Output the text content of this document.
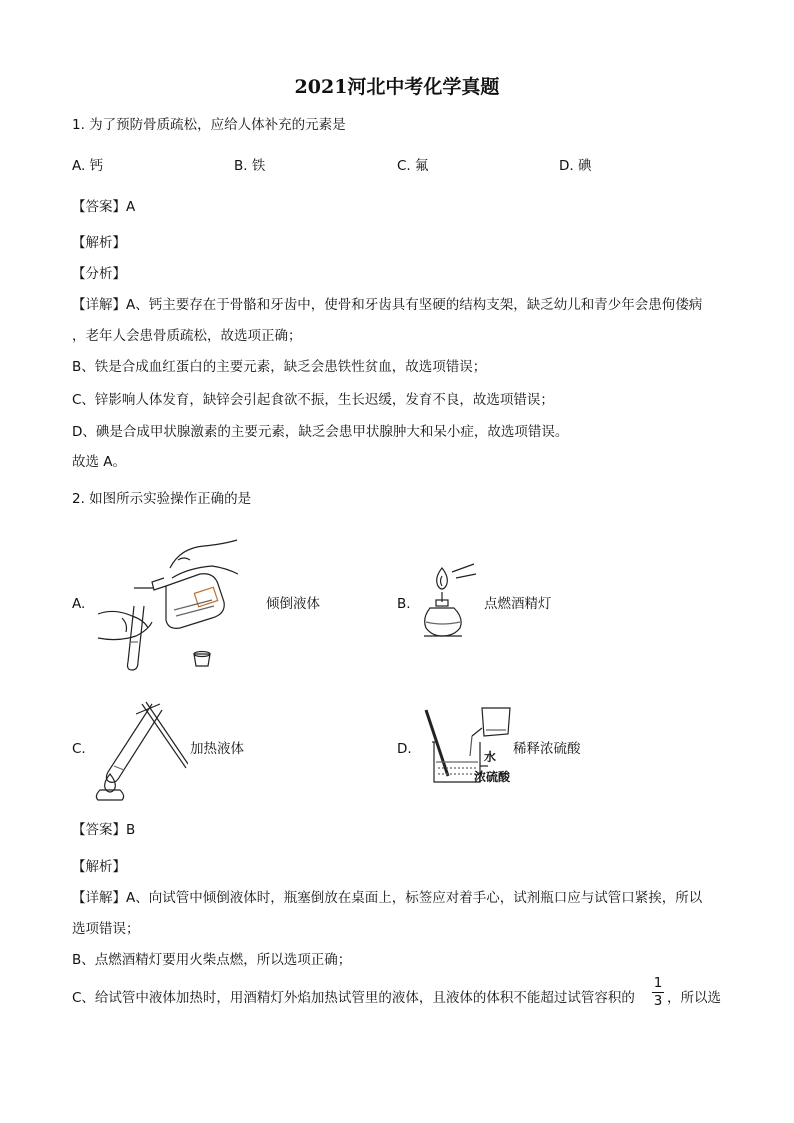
2021河北中考化学真题
1. 为了预防骨质疏松，应给人体补充的元素是
A. 钙	B. 铁	C. 氟	D. 碘
【答案】A
【解析】
【分析】
【详解】A、钙主要存在于骨骼和牙齿中，使骨和牙齿具有坚硬的结构支架，缺乏幼儿和青少年会患佝偻病
，老年人会患骨质疏松，故选项正确；
B、铁是合成血红蛋白的主要元素，缺乏会患铁性贫血，故选项错误；
C、锌影响人体发育，缺锌会引起食欲不振，生长迟缓，发育不良，故选项错误；
D、碘是合成甲状腺激素的主要元素，缺乏会患甲状腺肿大和呆小症，故选项错误。
故选 A。
2. 如图所示实验操作正确的是
A.	倾倒液体	B.	点燃酒精灯
C.	加热液体	D.	水
浓硫酸
稀释浓硫酸
【答案】B
【解析】
【详解】A、向试管中倾倒液体时，瓶塞倒放在桌面上，标签应对着手心，试剂瓶口应与试管口紧挨，所以
选项错误；
B、点燃酒精灯要用火柴点燃，所以选项正确；
C、给试管中液体加热时，用酒精灯外焰加热试管里的液体，且液体的体积不能超过试管容积的
1
3 ，所以选
